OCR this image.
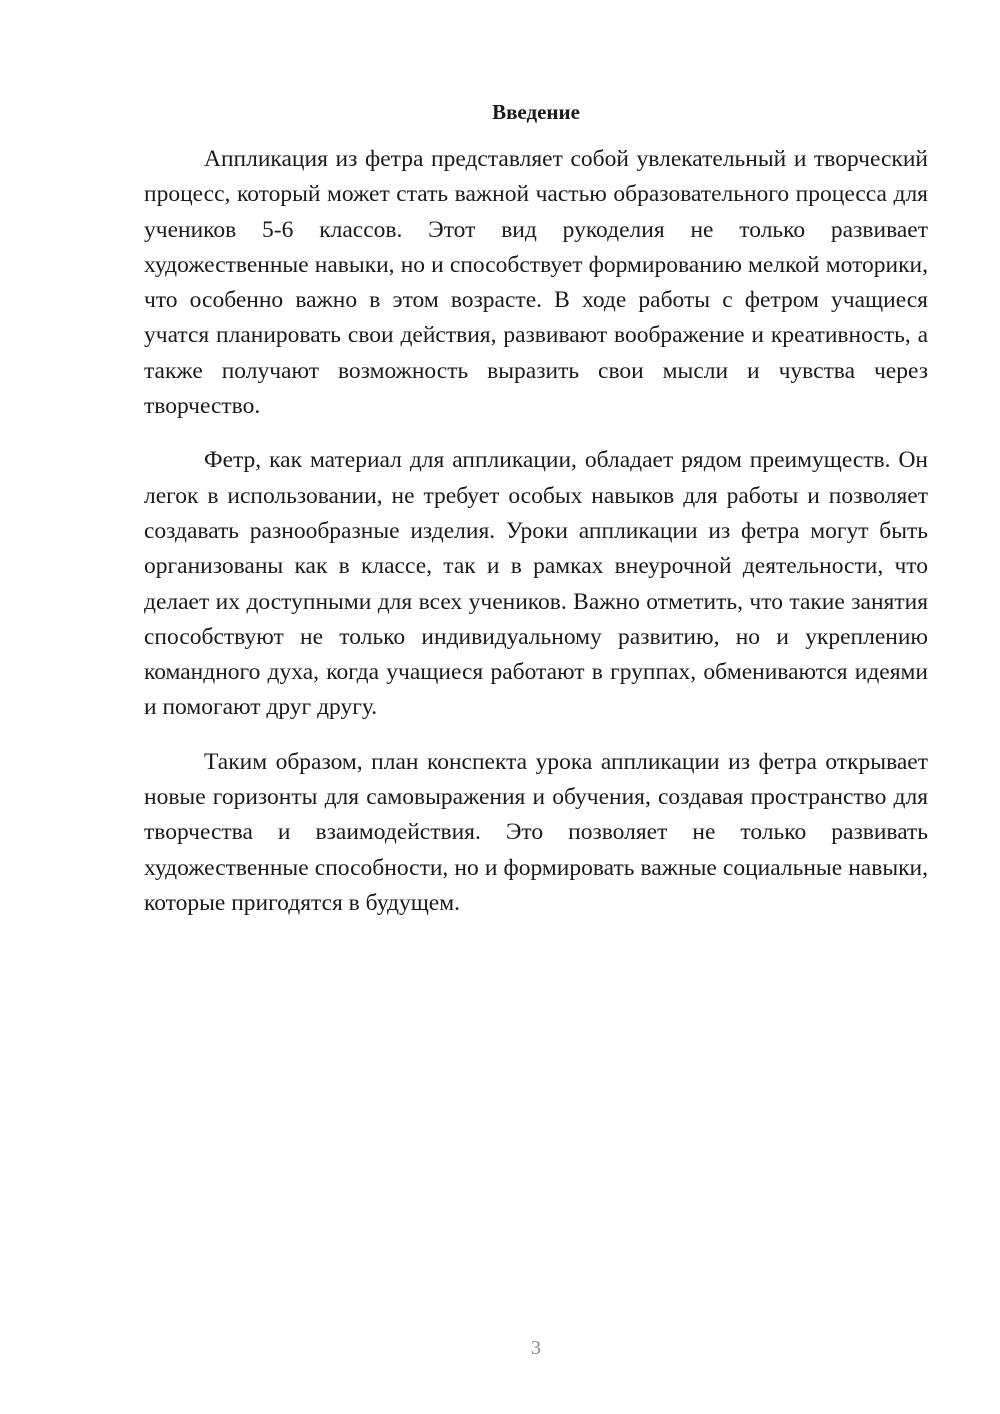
Введение

Аппликация из фетра представляет собой увлекательный и творческий процесс, который может стать важной частью образовательного процесса для учеников 5-6 классов. Этот вид рукоделия не только развивает художественные навыки, но и способствует формированию мелкой моторики, что особенно важно в этом возрасте. В ходе работы с фетром учащиеся учатся планировать свои действия, развивают воображение и креативность, а также получают возможность выразить свои мысли и чувства через творчество.

Фетр, как материал для аппликации, обладает рядом преимуществ. Он легок в использовании, не требует особых навыков для работы и позволяет создавать разнообразные изделия. Уроки аппликации из фетра могут быть организованы как в классе, так и в рамках внеурочной деятельности, что делает их доступными для всех учеников. Важно отметить, что такие занятия способствуют не только индивидуальному развитию, но и укреплению командного духа, когда учащиеся работают в группах, обмениваются идеями и помогают друг другу.

Таким образом, план конспекта урока аппликации из фетра открывает новые горизонты для самовыражения и обучения, создавая пространство для творчества и взаимодействия. Это позволяет не только развивать художественные способности, но и формировать важные социальные навыки, которые пригодятся в будущем.

3
